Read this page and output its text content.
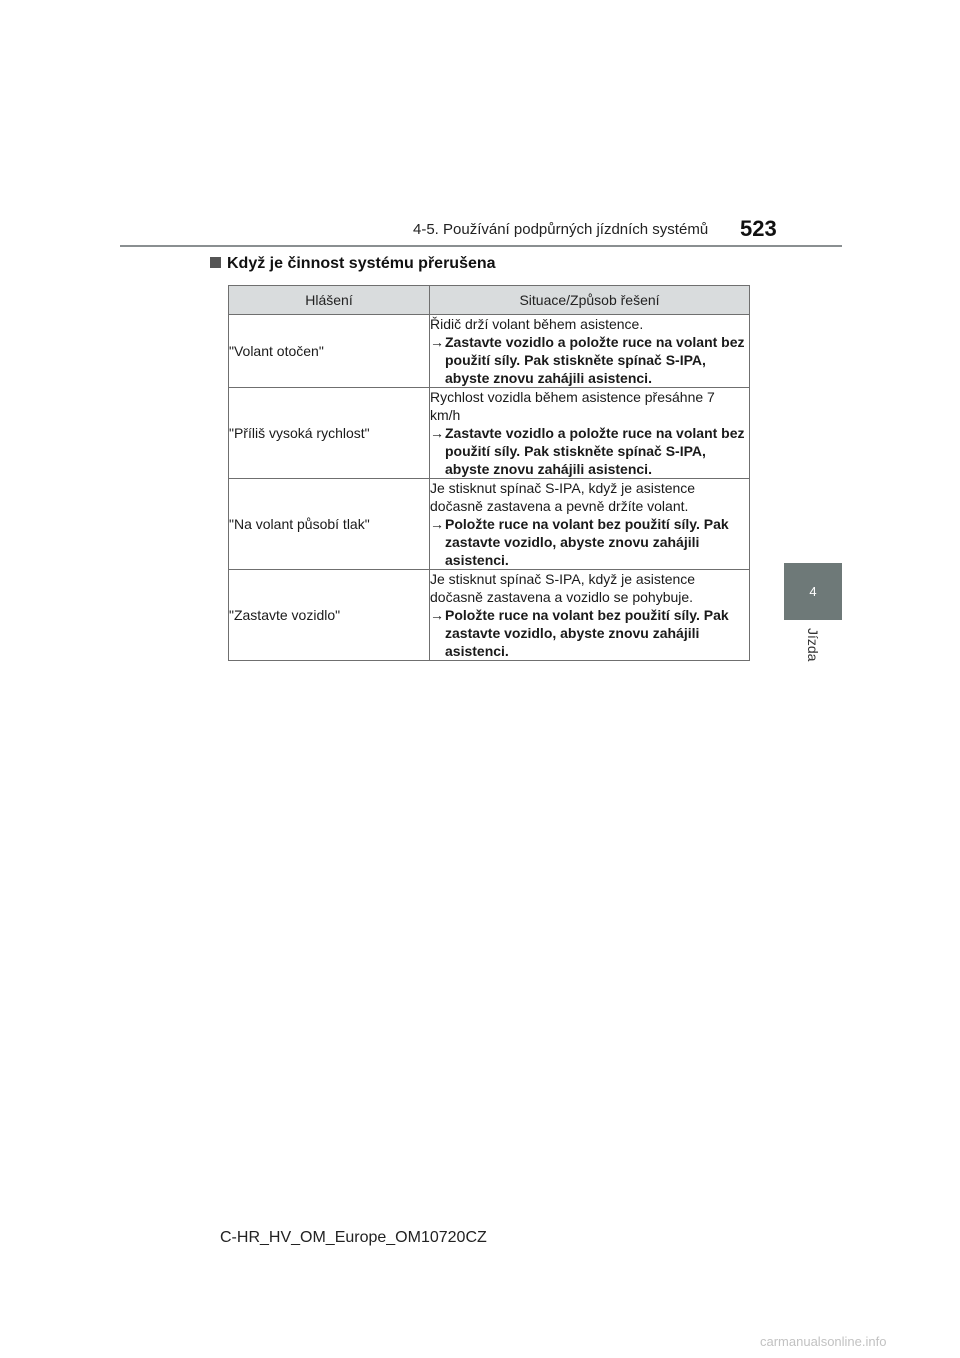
4-5. Používání podpůrných jízdních systémů 523
4
Jízda
Když je činnost systému přerušena
Hlášení	Situace/Způsob řešení
"Volant otočen"	Řidič drží volant během asistence.
→ Zastavte vozidlo a položte ruce na volant bez použití síly. Pak stiskněte spínač S-IPA, abyste znovu zahájili asistenci.

"Příliš vysoká rychlost"	Rychlost vozidla během asistence přesáhne 7 km/h
→ Zastavte vozidlo a položte ruce na volant bez použití síly. Pak stiskněte spínač S-IPA, abyste znovu zahájili asistenci.

"Na volant působí tlak"	Je stisknut spínač S-IPA, když je asistence dočasně zastavena a pevně držíte volant.
→ Položte ruce na volant bez použití síly. Pak zastavte vozidlo, abyste znovu zahájili asistenci.

"Zastavte vozidlo"	Je stisknut spínač S-IPA, když je asistence dočasně zastavena a vozidlo se pohybuje.
→ Položte ruce na volant bez použití síly. Pak zastavte vozidlo, abyste znovu zahájili asistenci.
C-HR_HV_OM_Europe_OM10720CZ
carmanualsonline.info
